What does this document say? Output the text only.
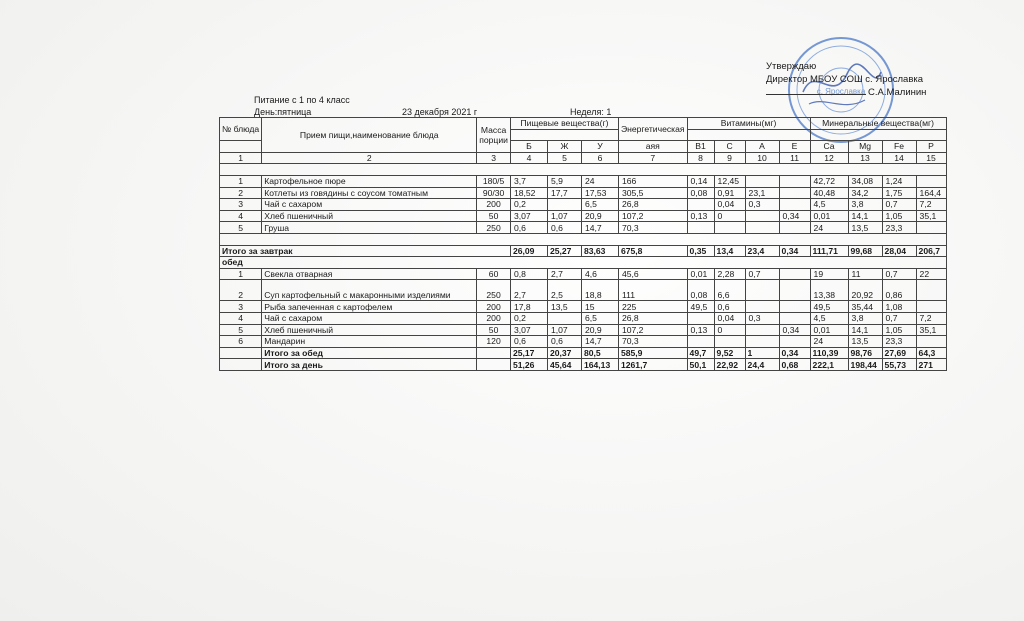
с. Ярославка
Утверждаю
Директор МБОУ СОШ с. Ярославка
С.А.Малинин
Питание с 1 по 4 класс
День:пятница	23 декабря 2021 г	Неделя: 1
№ блюда	Прием пищи,наименование блюда	Масса порции	Пищевые вещества(г)			Энергетическая	Витамины(мг)				Минеральные вещества(мг)			

			Б	Ж	У	аяя	В1	С	А	Е	Ca	Mg	Fe	P
1	2	3	4	5	6	7	8	9	10	11	12	13	14	15

1	Картофельное пюре	180/5	3,7	5,9	24	166	0,14	12,45			42,72	34,08	1,24	
2	Котлеты из говядины с соусом томатным	90/30	18,52	17,7	17,53	305,5	0,08	0,91	23,1		40,48	34,2	1,75	164,4
3	Чай с сахаром	200	0,2		6,5	26,8		0,04	0,3		4,5	3,8	0,7	7,2
4	Хлеб пшеничный	50	3,07	1,07	20,9	107,2	0,13	0		0,34	0,01	14,1	1,05	35,1
5	Груша	250	0,6	0,6	14,7	70,3					24	13,5	23,3	

Итого за завтрак			26,09	25,27	83,63	675,8	0,35	13,4	23,4	0,34	111,71	99,68	28,04	206,7
обед														
1	Свекла отварная	60	0,8	2,7	4,6	45,6	0,01	2,28	0,7		19	11	0,7	22
2	Суп картофельный с макаронными изделиями	250	2,7	2,5	18,8	111	0,08	6,6			13,38	20,92	0,86	
3	Рыба запеченная с картофелем	200	17,8	13,5	15	225	49,5	0,6			49,5	35,44	1,08	
4	Чай с сахаром	200	0,2		6,5	26,8		0,04	0,3		4,5	3,8	0,7	7,2
5	Хлеб пшеничный	50	3,07	1,07	20,9	107,2	0,13	0		0,34	0,01	14,1	1,05	35,1
6	Мандарин	120	0,6	0,6	14,7	70,3					24	13,5	23,3	
	Итого за обед		25,17	20,37	80,5	585,9	49,7	9,52	1	0,34	110,39	98,76	27,69	64,3
	Итого за день		51,26	45,64	164,13	1261,7	50,1	22,92	24,4	0,68	222,1	198,44	55,73	271
